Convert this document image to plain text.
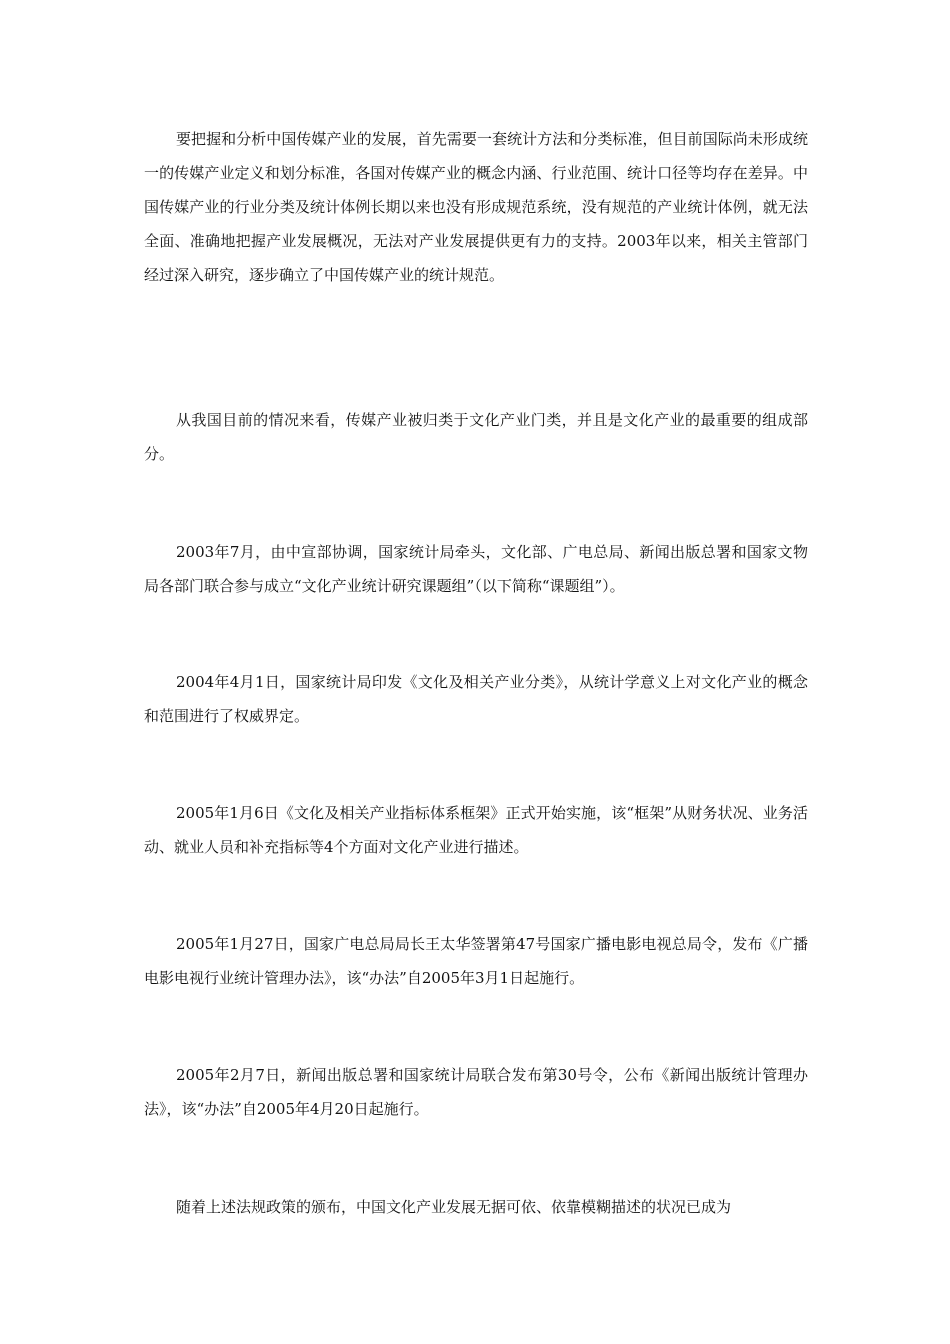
要把握和分析中国传媒产业的发展，首先需要一套统计方法和分类标准，但目前国际尚未形成统一的传媒产业定义和划分标准，各国对传媒产业的概念内涵、行业范围、统计口径等均存在差异。中国传媒产业的行业分类及统计体例长期以来也没有形成规范系统，没有规范的产业统计体例，就无法全面、准确地把握产业发展概况，无法对产业发展提供更有力的支持。2003年以来，相关主管部门经过深入研究，逐步确立了中国传媒产业的统计规范。

从我国目前的情况来看，传媒产业被归类于文化产业门类，并且是文化产业的最重要的组成部分。

2003年7月，由中宣部协调，国家统计局牵头，文化部、广电总局、新闻出版总署和国家文物局各部门联合参与成立“文化产业统计研究课题组”（以下简称“课题组”）。

2004年4月1日，国家统计局印发《文化及相关产业分类》，从统计学意义上对文化产业的概念和范围进行了权威界定。

2005年1月6日《文化及相关产业指标体系框架》正式开始实施，该“框架”从财务状况、业务活动、就业人员和补充指标等4个方面对文化产业进行描述。

2005年1月27日，国家广电总局局长王太华签署第47号国家广播电影电视总局令，发布《广播电影电视行业统计管理办法》，该“办法”自2005年3月1日起施行。

2005年2月7日，新闻出版总署和国家统计局联合发布第30号令，公布《新闻出版统计管理办法》，该“办法”自2005年4月20日起施行。

随着上述法规政策的颁布，中国文化产业发展无据可依、依靠模糊描述的状况已成为
